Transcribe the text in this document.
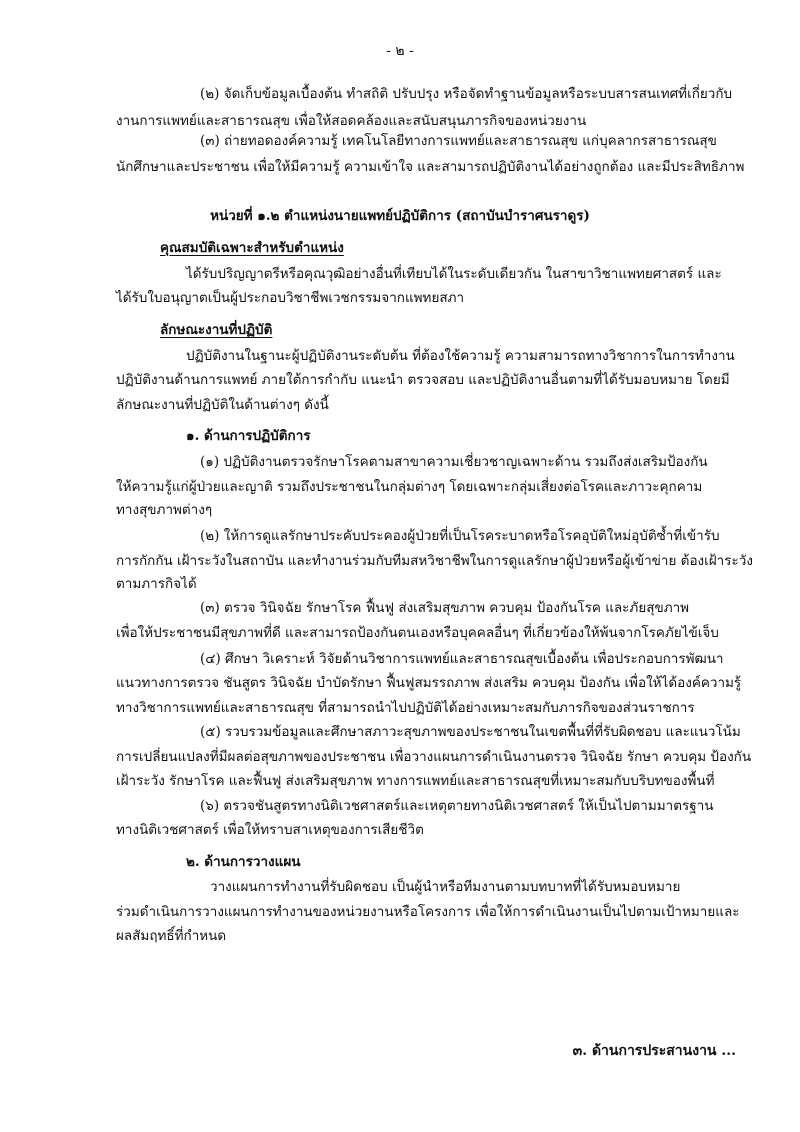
- ๒ -
(๒) จัดเก็บข้อมูลเบื้องต้น ทำสถิติ ปรับปรุง หรือจัดทำฐานข้อมูลหรือระบบสารสนเทศที่เกี่ยวกับ
งานการแพทย์และสาธารณสุข เพื่อให้สอดคล้องและสนับสนุนภารกิจของหน่วยงาน
(๓) ถ่ายทอดองค์ความรู้ เทคโนโลยีทางการแพทย์และสาธารณสุข แก่บุคลากรสาธารณสุข
นักศึกษาและประชาชน เพื่อให้มีความรู้ ความเข้าใจ และสามารถปฏิบัติงานได้อย่างถูกต้อง และมีประสิทธิภาพ
หน่วยที่ ๑.๒ ตำแหน่งนายแพทย์ปฏิบัติการ (สถาบันบำราศนราดูร)
คุณสมบัติเฉพาะสำหรับตำแหน่ง
ได้รับปริญญาตรีหรือคุณวุฒิอย่างอื่นที่เทียบได้ในระดับเดียวกัน ในสาขาวิชาแพทยศาสตร์ และ
ได้รับใบอนุญาตเป็นผู้ประกอบวิชาชีพเวชกรรมจากแพทยสภา
ลักษณะงานที่ปฏิบัติ
ปฏิบัติงานในฐานะผู้ปฏิบัติงานระดับต้น ที่ต้องใช้ความรู้ ความสามารถทางวิชาการในการทำงาน
ปฏิบัติงานด้านการแพทย์ ภายใต้การกำกับ แนะนำ ตรวจสอบ และปฏิบัติงานอื่นตามที่ได้รับมอบหมาย โดยมี
ลักษณะงานที่ปฏิบัติในด้านต่างๆ ดังนี้
๑. ด้านการปฏิบัติการ
(๑) ปฏิบัติงานตรวจรักษาโรคตามสาขาความเชี่ยวชาญเฉพาะด้าน รวมถึงส่งเสริมป้องกัน
ให้ความรู้แก่ผู้ป่วยและญาติ รวมถึงประชาชนในกลุ่มต่างๆ โดยเฉพาะกลุ่มเสี่ยงต่อโรคและภาวะคุกคาม
ทางสุขภาพต่างๆ
(๒) ให้การดูแลรักษาประคับประคองผู้ป่วยที่เป็นโรคระบาดหรือโรคอุบัติใหม่อุบัติซ้ำที่เข้ารับ
การกักกัน เฝ้าระวังในสถาบัน และทำงานร่วมกับทีมสหวิชาชีพในการดูแลรักษาผู้ป่วยหรือผู้เข้าข่าย ต้องเฝ้าระวัง
ตามภารกิจได้
(๓) ตรวจ วินิจฉัย รักษาโรค ฟื้นฟู ส่งเสริมสุขภาพ ควบคุม ป้องกันโรค และภัยสุขภาพ
เพื่อให้ประชาชนมีสุขภาพที่ดี และสามารถป้องกันตนเองหรือบุคคลอื่นๆ ที่เกี่ยวข้องให้พ้นจากโรคภัยไข้เจ็บ
(๔) ศึกษา วิเคราะห์ วิจัยด้านวิชาการแพทย์และสาธารณสุขเบื้องต้น เพื่อประกอบการพัฒนา
แนวทางการตรวจ ชันสูตร วินิจฉัย บำบัดรักษา ฟื้นฟูสมรรถภาพ ส่งเสริม ควบคุม ป้องกัน เพื่อให้ได้องค์ความรู้
ทางวิชาการแพทย์และสาธารณสุข ที่สามารถนำไปปฏิบัติได้อย่างเหมาะสมกับภารกิจของส่วนราชการ
(๕) รวบรวมข้อมูลและศึกษาสภาวะสุขภาพของประชาชนในเขตพื้นที่ที่รับผิดชอบ และแนวโน้ม
การเปลี่ยนแปลงที่มีผลต่อสุขภาพของประชาชน เพื่อวางแผนการดำเนินงานตรวจ วินิจฉัย รักษา ควบคุม ป้องกัน
เฝ้าระวัง รักษาโรค และฟื้นฟู ส่งเสริมสุขภาพ ทางการแพทย์และสาธารณสุขที่เหมาะสมกับบริบทของพื้นที่
(๖) ตรวจชันสูตรทางนิติเวชศาสตร์และเหตุตายทางนิติเวชศาสตร์ ให้เป็นไปตามมาตรฐาน
ทางนิติเวชศาสตร์ เพื่อให้ทราบสาเหตุของการเสียชีวิต
๒. ด้านการวางแผน
วางแผนการทำงานที่รับผิดชอบ เป็นผู้นำหรือทีมงานตามบทบาทที่ได้รับหมอบหมาย
ร่วมดำเนินการวางแผนการทำงานของหน่วยงานหรือโครงการ เพื่อให้การดำเนินงานเป็นไปตามเป้าหมายและ
ผลสัมฤทธิ์ที่กำหนด
๓. ด้านการประสานงาน ...
